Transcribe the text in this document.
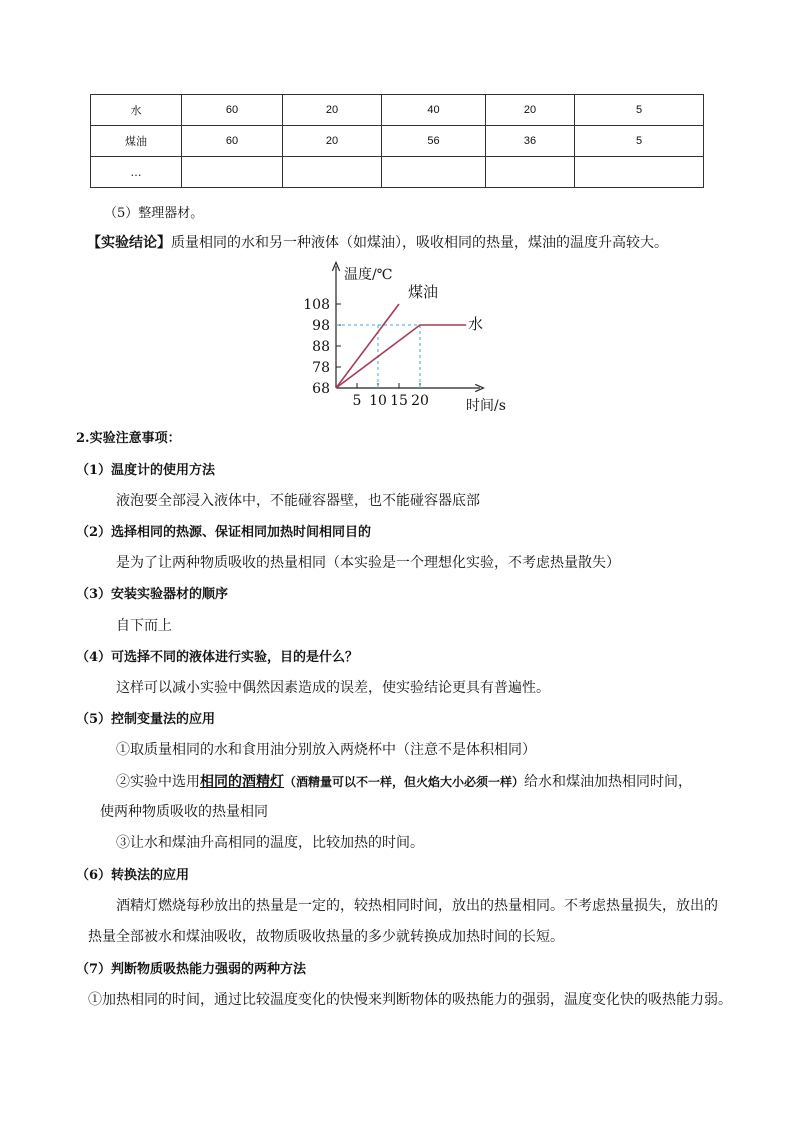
水	60	20	40	20	5
煤油	60	20	56	36	5
…					
（5）整理器材。
【实验结论】质量相同的水和另一种液体（如煤油），吸收相同的热量，煤油的温度升高较大。
108
98
88
78
68
5 10 15 20
煤油
水
温度/℃
时间/s
2.实验注意事项：
（1）温度计的使用方法
液泡要全部浸入液体中，不能碰容器壁，也不能碰容器底部
（2）选择相同的热源、保证相同加热时间相同目的
是为了让两种物质吸收的热量相同（本实验是一个理想化实验，不考虑热量散失）
（3）安装实验器材的顺序
自下而上
（4）可选择不同的液体进行实验，目的是什么？
这样可以减小实验中偶然因素造成的误差，使实验结论更具有普遍性。
（5）控制变量法的应用
①取质量相同的水和食用油分别放入两烧杯中（注意不是体积相同）
②实验中选用相同的酒精灯（酒精量可以不一样，但火焰大小必须一样）给水和煤油加热相同时间，
使两种物质吸收的热量相同
③让水和煤油升高相同的温度，比较加热的时间。
（6）转换法的应用
酒精灯燃烧每秒放出的热量是一定的，较热相同时间，放出的热量相同。不考虑热量损失，放出的
热量全部被水和煤油吸收，故物质吸收热量的多少就转换成加热时间的长短。
（7）判断物质吸热能力强弱的两种方法
①加热相同的时间，通过比较温度变化的快慢来判断物体的吸热能力的强弱，温度变化快的吸热能力弱。
